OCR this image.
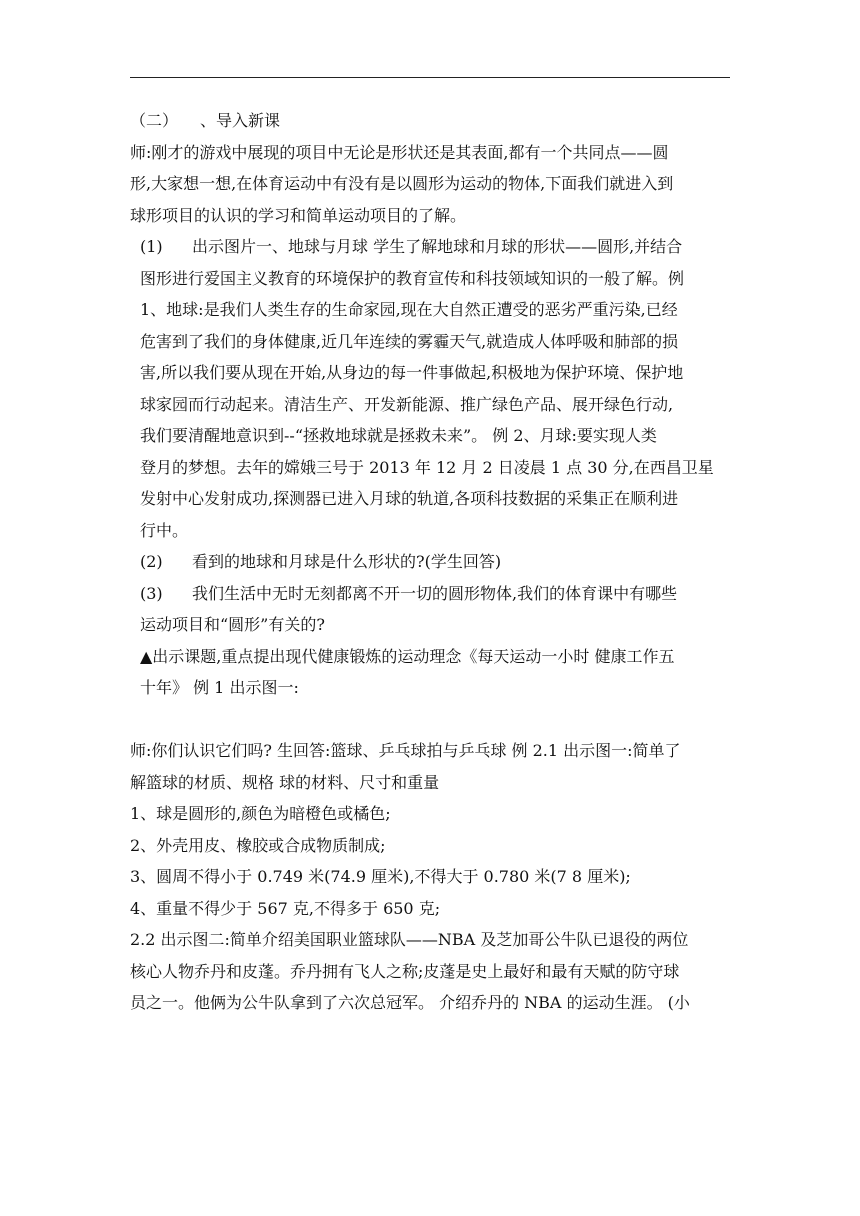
（二） 、导入新课
师:刚才的游戏中展现的项目中无论是形状还是其表面,都有一个共同点——圆
形,大家想一想,在体育运动中有没有是以圆形为运动的物体,下面我们就进入到
球形项目的认识的学习和简单运动项目的了解。
(1) 出示图片一、地球与月球 学生了解地球和月球的形状——圆形,并结合
图形进行爱国主义教育的环境保护的教育宣传和科技领域知识的一般了解。例
1、地球:是我们人类生存的生命家园,现在大自然正遭受的恶劣严重污染,已经
危害到了我们的身体健康,近几年连续的雾霾天气,就造成人体呼吸和肺部的损
害,所以我们要从现在开始,从身边的每一件事做起,积极地为保护环境、保护地
球家园而行动起来。清洁生产、开发新能源、推广绿色产品、展开绿色行动,
我们要清醒地意识到--“拯救地球就是拯救未来”。 例 2、月球:要实现人类
登月的梦想。去年的嫦娥三号于 2013 年 12 月 2 日凌晨 1 点 30 分,在西昌卫星
发射中心发射成功,探测器已进入月球的轨道,各项科技数据的采集正在顺利进
行中。
(2) 看到的地球和月球是什么形状的?(学生回答)
(3) 我们生活中无时无刻都离不开一切的圆形物体,我们的体育课中有哪些
运动项目和“圆形”有关的?
▲出示课题,重点提出现代健康锻炼的运动理念《每天运动一小时 健康工作五
十年》 例 1 出示图一:
师:你们认识它们吗? 生回答:篮球、乒乓球拍与乒乓球 例 2.1 出示图一:简单了
解篮球的材质、规格 球的材料、尺寸和重量
1、球是圆形的,颜色为暗橙色或橘色;
2、外壳用皮、橡胶或合成物质制成;
3、圆周不得小于 0.749 米(74.9 厘米),不得大于 0.780 米(7 8 厘米);
4、重量不得少于 567 克,不得多于 650 克;
2.2 出示图二:简单介绍美国职业篮球队——NBA 及芝加哥公牛队已退役的两位
核心人物乔丹和皮蓬。乔丹拥有飞人之称;皮蓬是史上最好和最有天赋的防守球
员之一。他俩为公牛队拿到了六次总冠军。 介绍乔丹的 NBA 的运动生涯。 (小
